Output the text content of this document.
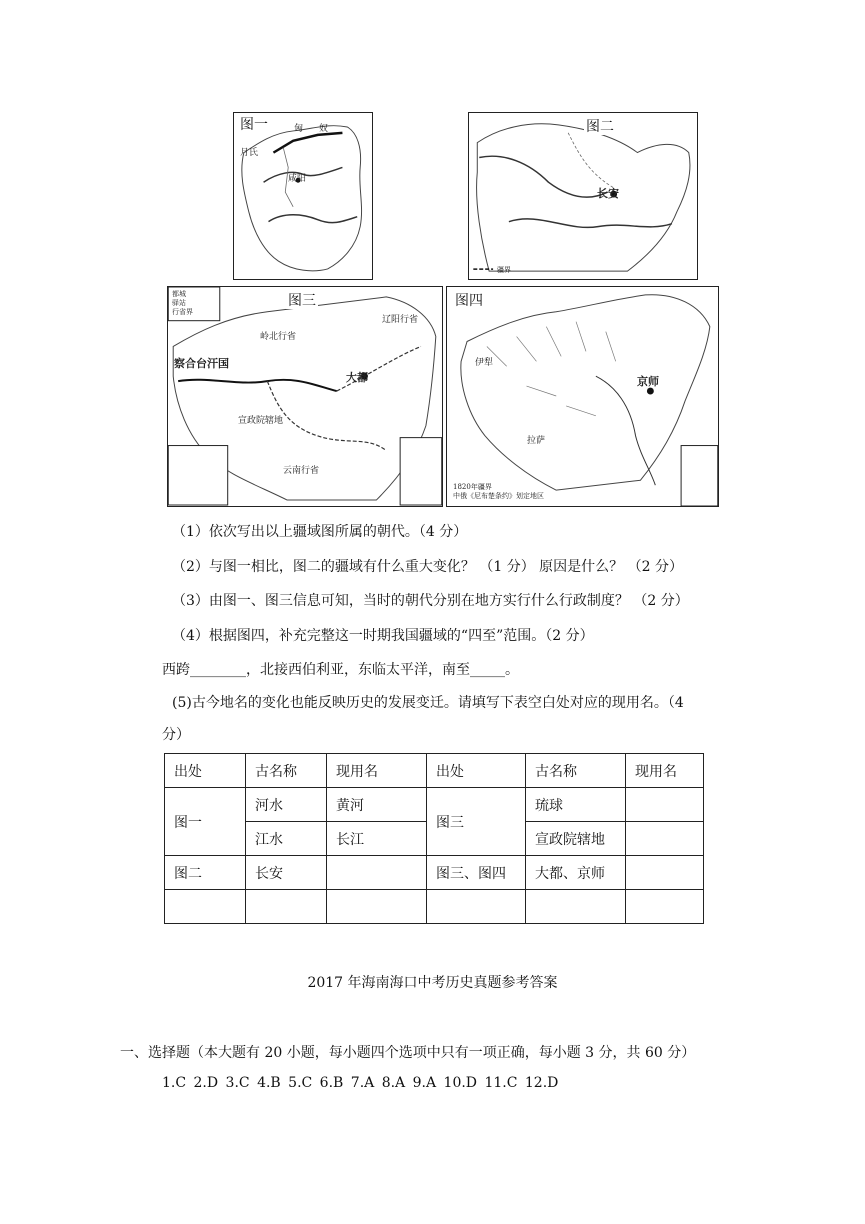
图一	匈 奴
月氏
咸阳
图二
长安
疆界
图三
都城
驿站
行省界
察合台汗国
岭北行省
辽阳行省
大都
宣政院辖地
云南行省
图四
伊犁
拉萨
京师
1820年疆界
中俄《尼布楚条约》划定地区
（1）依次写出以上疆域图所属的朝代。（4 分）
（2）与图一相比，图二的疆域有什么重大变化？ （1 分） 原因是什么？ （2 分）
（3）由图一、图三信息可知，当时的朝代分别在地方实行什么行政制度？ （2 分）
（4）根据图四，补充完整这一时期我国疆域的“四至”范围。（2 分）
西跨________，北接西伯利亚，东临太平洋，南至_____。
(5)古今地名的变化也能反映历史的发展变迁。请填写下表空白处对应的现用名。（4
分）
出处	古名称	现用名	出处	古名称	现用名
图一	河水	黄河	图三	琉球	
	江水	长江		宣政院辖地	
图二	长安		图三、图四	大都、京师	

2017 年海南海口中考历史真题参考答案
一、选择题（本大题有 20 小题，每小题四个选项中只有一项正确，每小题 3 分，共 60 分）
1.C 2.D 3.C 4.B 5.C 6.B 7.A 8.A 9.A 10.D 11.C 12.D
